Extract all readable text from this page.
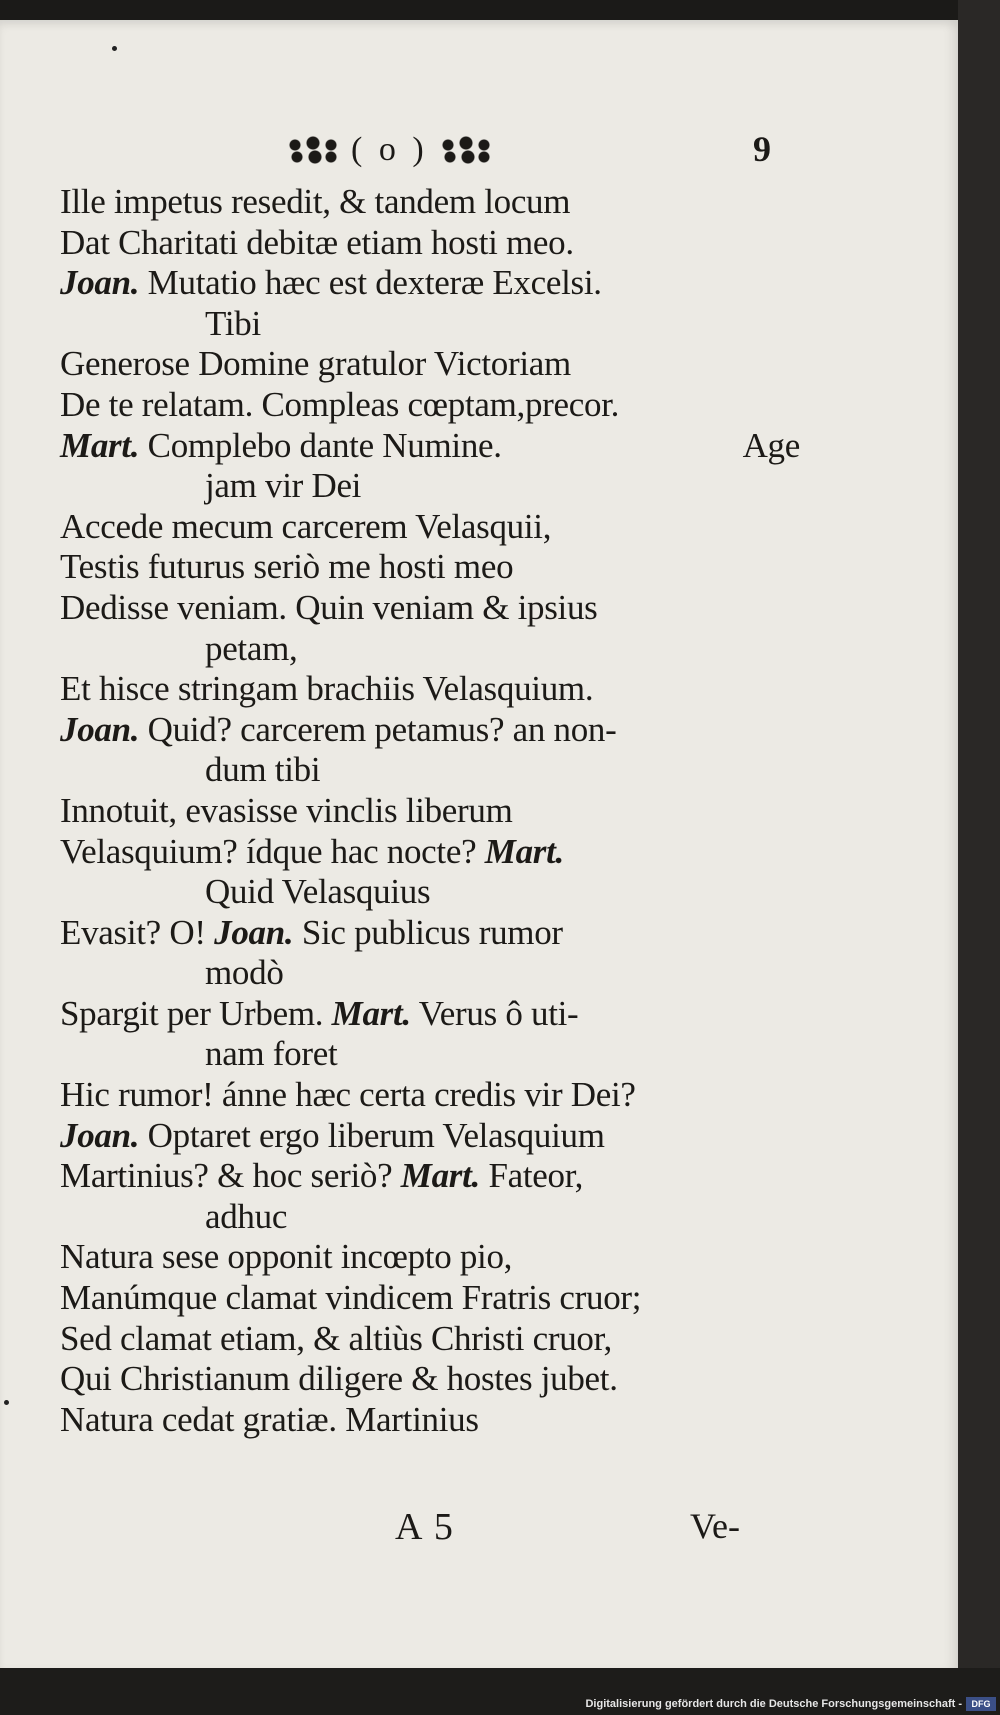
( o )	9
Ille impetus resedit, & tandem locum
Dat Charitati debitæ etiam hosti meo.
Joan. Mutatio hæc est dexteræ Excelsi.
Tibi
Generose Domine gratulor Victoriam
De te relatam. Compleas cœptam,precor.
Mart. Complebo dante Numine.	Age
jam vir Dei
Accede mecum carcerem Velasquii,
Testis futurus seriò me hosti meo
Dedisse veniam. Quin veniam & ipsius
petam,
Et hisce stringam brachiis Velasquium.
Joan. Quid? carcerem petamus? an non-
dum tibi
Innotuit, evasisse vinclis liberum
Velasquium? ídque hac nocte? Mart.
Quid Velasquius
Evasit? O! Joan. Sic publicus rumor
modò
Spargit per Urbem. Mart. Verus ô uti-
nam foret
Hic rumor! ánne hæc certa credis vir Dei?
Joan. Optaret ergo liberum Velasquium
Martinius? & hoc seriò? Mart. Fateor,
adhuc
Natura sese opponit incœpto pio,
Manúmque clamat vindicem Fratris cruor;
Sed clamat etiam, & altiùs Christi cruor,
Qui Christianum diligere & hostes jubet.
Natura cedat gratiæ. Martinius
A 5	Ve-
Digitalisierung gefördert durch die Deutsche Forschungsgemeinschaft -	DFG
